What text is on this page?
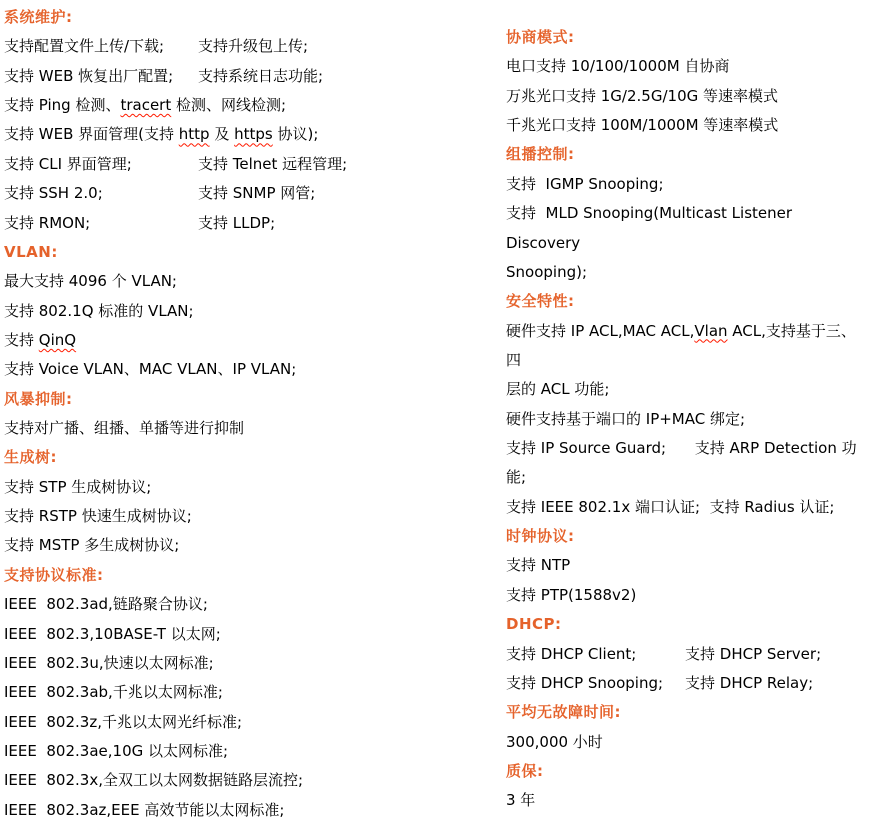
系统维护:
支持配置文件上传/下载; 支持升级包上传;
支持 WEB 恢复出厂配置; 支持系统日志功能;
支持 Ping 检测、tracert 检测、网线检测;
支持 WEB 界面管理(支持 http 及 https 协议);
支持 CLI 界面管理;	支持 Telnet 远程管理;
支持 SSH 2.0;	支持 SNMP 网管;
支持 RMON;	支持 LLDP;
VLAN:
最大支持 4096 个 VLAN;
支持 802.1Q 标准的 VLAN;
支持 QinQ
支持 Voice VLAN、MAC VLAN、IP VLAN;
风暴抑制:
支持对广播、组播、单播等进行抑制
生成树:
支持 STP 生成树协议;
支持 RSTP 快速生成树协议;
支持 MSTP 多生成树协议;
支持协议标准:
IEEE  802.3ad,链路聚合协议;
IEEE  802.3,10BASE-T 以太网;
IEEE  802.3u,快速以太网标准;
IEEE  802.3ab,千兆以太网标准;
IEEE  802.3z,千兆以太网光纤标准;
IEEE  802.3ae,10G 以太网标准;
IEEE  802.3x,全双工以太网数据链路层流控;
IEEE  802.3az,EEE 高效节能以太网标准;
协商模式:
电口支持 10/100/1000M 自协商
万兆光口支持 1G/2.5G/10G 等速率模式
千兆光口支持 100M/1000M 等速率模式
组播控制:
支持  IGMP Snooping;
支持  MLD Snooping(Multicast Listener Discovery
Snooping);
安全特性:
硬件支持 IP ACL,MAC ACL,Vlan ACL,支持基于三、四
层的 ACL 功能;
硬件支持基于端口的 IP+MAC 绑定;
支持 IP Source Guard;      支持 ARP Detection 功能;
支持 IEEE 802.1x 端口认证;  支持 Radius 认证;
时钟协议:
支持 NTP
支持 PTP(1588v2)
DHCP:
支持 DHCP Client;	支持 DHCP Server;
支持 DHCP Snooping; 支持 DHCP Relay;
平均无故障时间:
300,000 小时
质保:
3 年
